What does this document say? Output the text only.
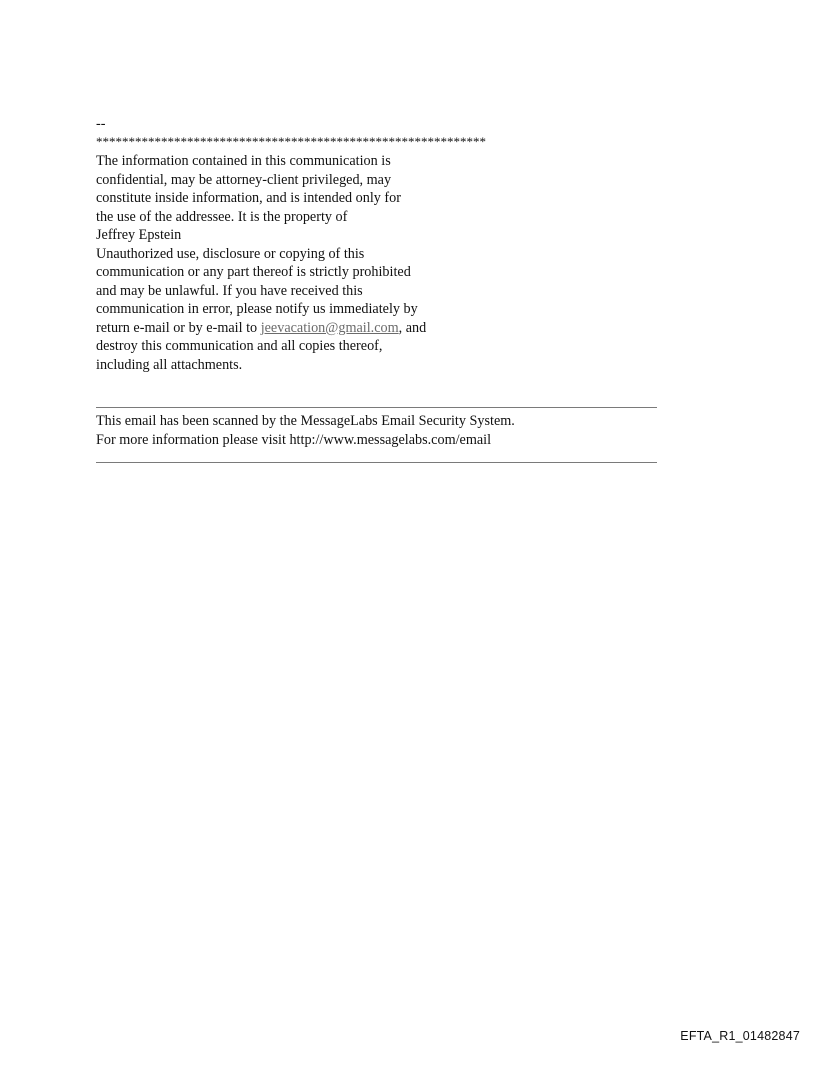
--

************************************************************

The information contained in this communication is

confidential, may be attorney-client privileged, may

constitute inside information, and is intended only for

the use of the addressee. It is the property of

Jeffrey Epstein

Unauthorized use, disclosure or copying of this

communication or any part thereof is strictly prohibited

and may be unlawful. If you have received this

communication in error, please notify us immediately by

return e-mail or by e-mail to jeevacation@gmail.com, and

destroy this communication and all copies thereof,

including all attachments.

This email has been scanned by the MessageLabs Email Security System.

For more information please visit http://www.messagelabs.com/email

EFTA_R1_01482847
